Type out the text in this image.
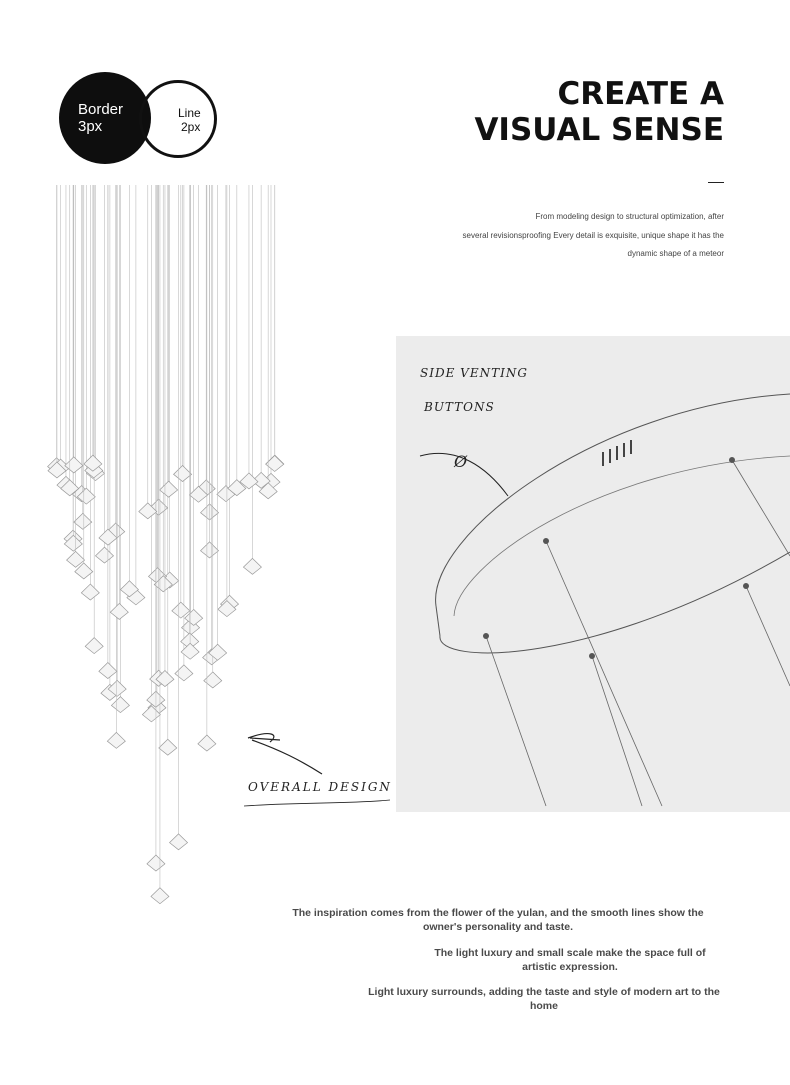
Border
3px
Line
2px
CREATE A
VISUAL SENSE
From modeling design to structural optimization, after
several revisionsproofing Every detail is exquisite, unique shape it has the
dynamic shape of a meteor
OVERALL DESIGN
SIDE VENTING
BUTTONS
Ø
The inspiration comes from the flower of the yulan, and the smooth lines show the owner's personality and taste.
The light luxury and small scale make the space full of artistic expression.
Light luxury surrounds, adding the taste and style of modern art to the home
